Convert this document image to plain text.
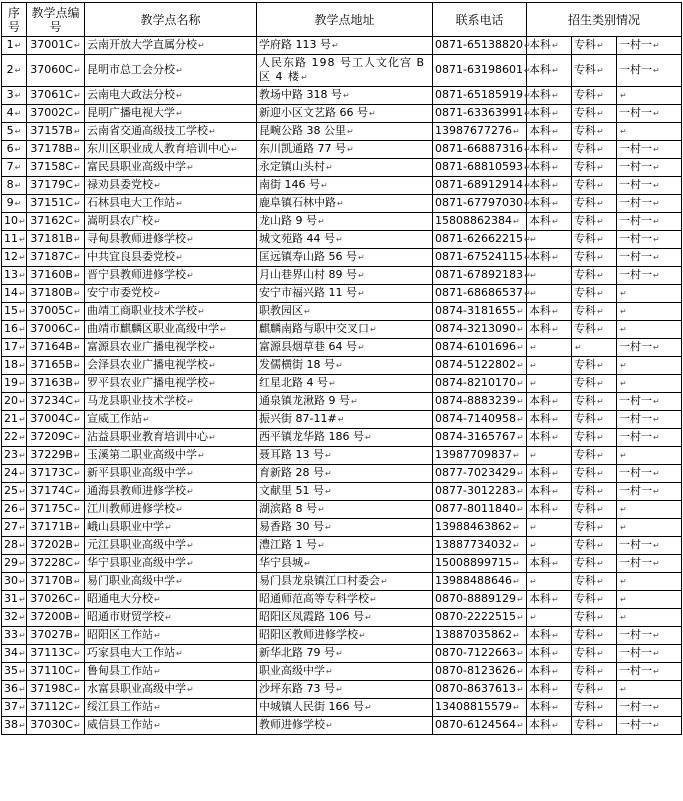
序号	教学点编号	教学点名称	教学点地址	联系电话	招生类别情况		
1↵	37001C↵	云南开放大学直属分校↵	学府路 113 号↵	0871-65138820↵	本科↵	专科↵	一村一↵
2↵	37060C↵	昆明市总工会分校↵	人民东路 198 号工人文化宫 B 区 4 楼↵	0871-63198601↵	本科↵	专科↵	一村一↵
3↵	37061C↵	云南电大政法分校↵	教场中路 318 号↵	0871-65185919↵	本科↵	专科↵	↵
4↵	37002C↵	昆明广播电视大学↵	新迎小区文艺路 66 号↵	0871-63363991↵	本科↵	专科↵	一村一↵
5↵	37157B↵	云南省交通高级技工学校↵	昆畹公路 38 公里↵	13987677276↵	本科↵	专科↵	↵
6↵	37178B↵	东川区职业成人教育培训中心↵	东川凯通路 77 号↵	0871-66887316↵	本科↵	专科↵	一村一↵
7↵	37158C↵	富民县职业高级中学↵	永定镇山头村↵	0871-68810593↵	本科↵	专科↵	一村一↵
8↵	37179C↵	禄劝县委党校↵	南街 146 号↵	0871-68912914↵	本科↵	专科↵	一村一↵
9↵	37151C↵	石林县电大工作站↵	鹿阜镇石林中路↵	0871-67797030↵	本科↵	专科↵	一村一↵
10↵	37162C↵	嵩明县农广校↵	龙山路 9 号↵	15808862384↵	本科↵	专科↵	一村一↵
11↵	37181B↵	寻甸县教师进修学校↵	城文苑路 44 号↵	0871-62662215↵	↵	专科↵	一村一↵
12↵	37187C↵	中共宜良县委党校↵	匡远镇寿山路 56 号↵	0871-67524115↵	本科↵	专科↵	一村一↵
13↵	37160B↵	晋宁县教师进修学校↵	月山巷界山村 89 号↵	0871-67892183↵	↵	专科↵	一村一↵
14↵	37180B↵	安宁市委党校↵	安宁市福兴路 11 号↵	0871-68686537↵	↵	专科↵	↵
15↵	37005C↵	曲靖工商职业技术学校↵	职教园区↵	0874-3181655↵	本科↵	专科↵	↵
16↵	37006C↵	曲靖市麒麟区职业高级中学↵	麒麟南路与职中交叉口↵	0874-3213090↵	本科↵	专科↵	↵
17↵	37164B↵	富源县农业广播电视学校↵	富源县烟草巷 64 号↵	0874-6101696↵	↵	↵	一村一↵
18↵	37165B↵	会泽县农业广播电视学校↵	发儒横街 18 号↵	0874-5122802↵	↵	专科↵	↵
19↵	37163B↵	罗平县农业广播电视学校↵	红星北路 4 号↵	0874-8210170↵	↵	专科↵	↵
20↵	37234C↵	马龙县职业技术学校↵	通泉镇龙湫路 9 号↵	0874-8883239↵	本科↵	专科↵	一村一↵
21↵	37004C↵	宣威工作站↵	振兴街 87-11#↵	0874-7140958↵	本科↵	专科↵	一村一↵
22↵	37209C↵	沾益县职业教育培训中心↵	西平镇龙华路 186 号↵	0874-3165767↵	本科↵	专科↵	一村一↵
23↵	37229B↵	玉溪第二职业高级中学↵	聂耳路 13 号↵	13987709837↵	↵	专科↵	↵
24↵	37173C↵	新平县职业高级中学↵	育新路 28 号↵	0877-7023429↵	本科↵	专科↵	一村一↵
25↵	37174C↵	通海县教师进修学校↵	文献里 51 号↵	0877-3012283↵	本科↵	专科↵	一村一↵
26↵	37175C↵	江川教师进修学校↵	湖滨路 8 号↵	0877-8011840↵	本科↵	专科↵	↵
27↵	37171B↵	峨山县职业中学↵	易香路 30 号↵	13988463862↵	↵	专科↵	↵
28↵	37202B↵	元江县职业高级中学↵	澧江路 1 号↵	13887734032↵	↵	专科↵	一村一↵
29↵	37228C↵	华宁县职业高级中学↵	华宁县城↵	15008899715↵	本科↵	专科↵	一村一↵
30↵	37170B↵	易门职业高级中学↵	易门县龙泉镇江口村委会↵	13988488646↵	↵	专科↵	↵
31↵	37026C↵	昭通电大分校↵	昭通师范高等专科学校↵	0870-8889129↵	本科↵	专科↵	↵
32↵	37200B↵	昭通市财贸学校↵	昭阳区凤霞路 106 号↵	0870-2222515↵	↵	专科↵	↵
33↵	37027B↵	昭阳区工作站↵	昭阳区教师进修学校↵	13887035862↵	本科↵	专科↵	一村一↵
34↵	37113C↵	巧家县电大工作站↵	新华北路 79 号↵	0870-7122663↵	本科↵	专科↵	一村一↵
35↵	37110C↵	鲁甸县工作站↵	职业高级中学↵	0870-8123626↵	本科↵	专科↵	一村一↵
36↵	37198C↵	水富县职业高级中学↵	沙坪东路 73 号↵	0870-8637613↵	本科↵	专科↵	↵
37↵	37112C↵	绥江县工作站↵	中城镇人民街 166 号↵	13408815579↵	本科↵	专科↵	一村一↵
38↵	37030C↵	威信县工作站↵	教师进修学校↵	0870-6124564↵	本科↵	专科↵	一村一↵
